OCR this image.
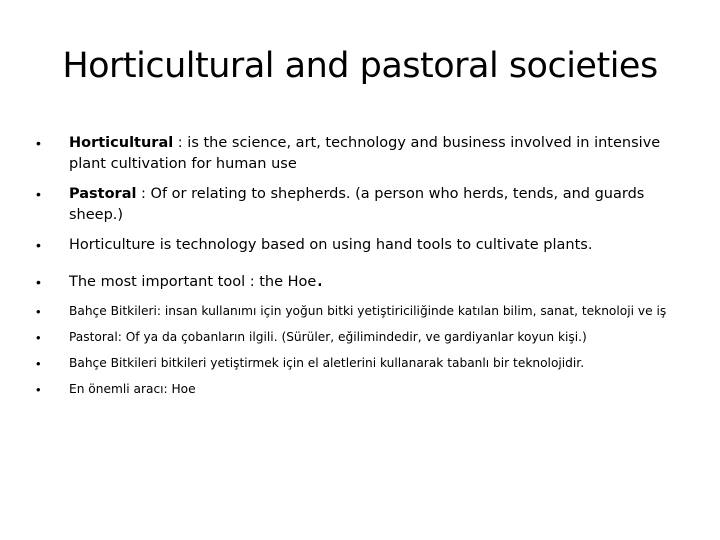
Horticultural and pastoral societies
• Horticultural : is the science, art, technology and business involved in intensive plant cultivation for human use
• Pastoral : Of or relating to shepherds. (a person who herds, tends, and guards sheep.)
• Horticulture is technology based on using hand tools to cultivate plants.
• The most important tool : the Hoe.
• Bahçe Bitkileri: insan kullanımı için yoğun bitki yetiştiriciliğinde katılan bilim, sanat, teknoloji ve iş
• Pastoral: Of ya da çobanların ilgili. (Sürüler, eğilimindedir, ve gardiyanlar koyun kişi.)
• Bahçe Bitkileri bitkileri yetiştirmek için el aletlerini kullanarak tabanlı bir teknolojidir.
• En önemli aracı: Hoe
